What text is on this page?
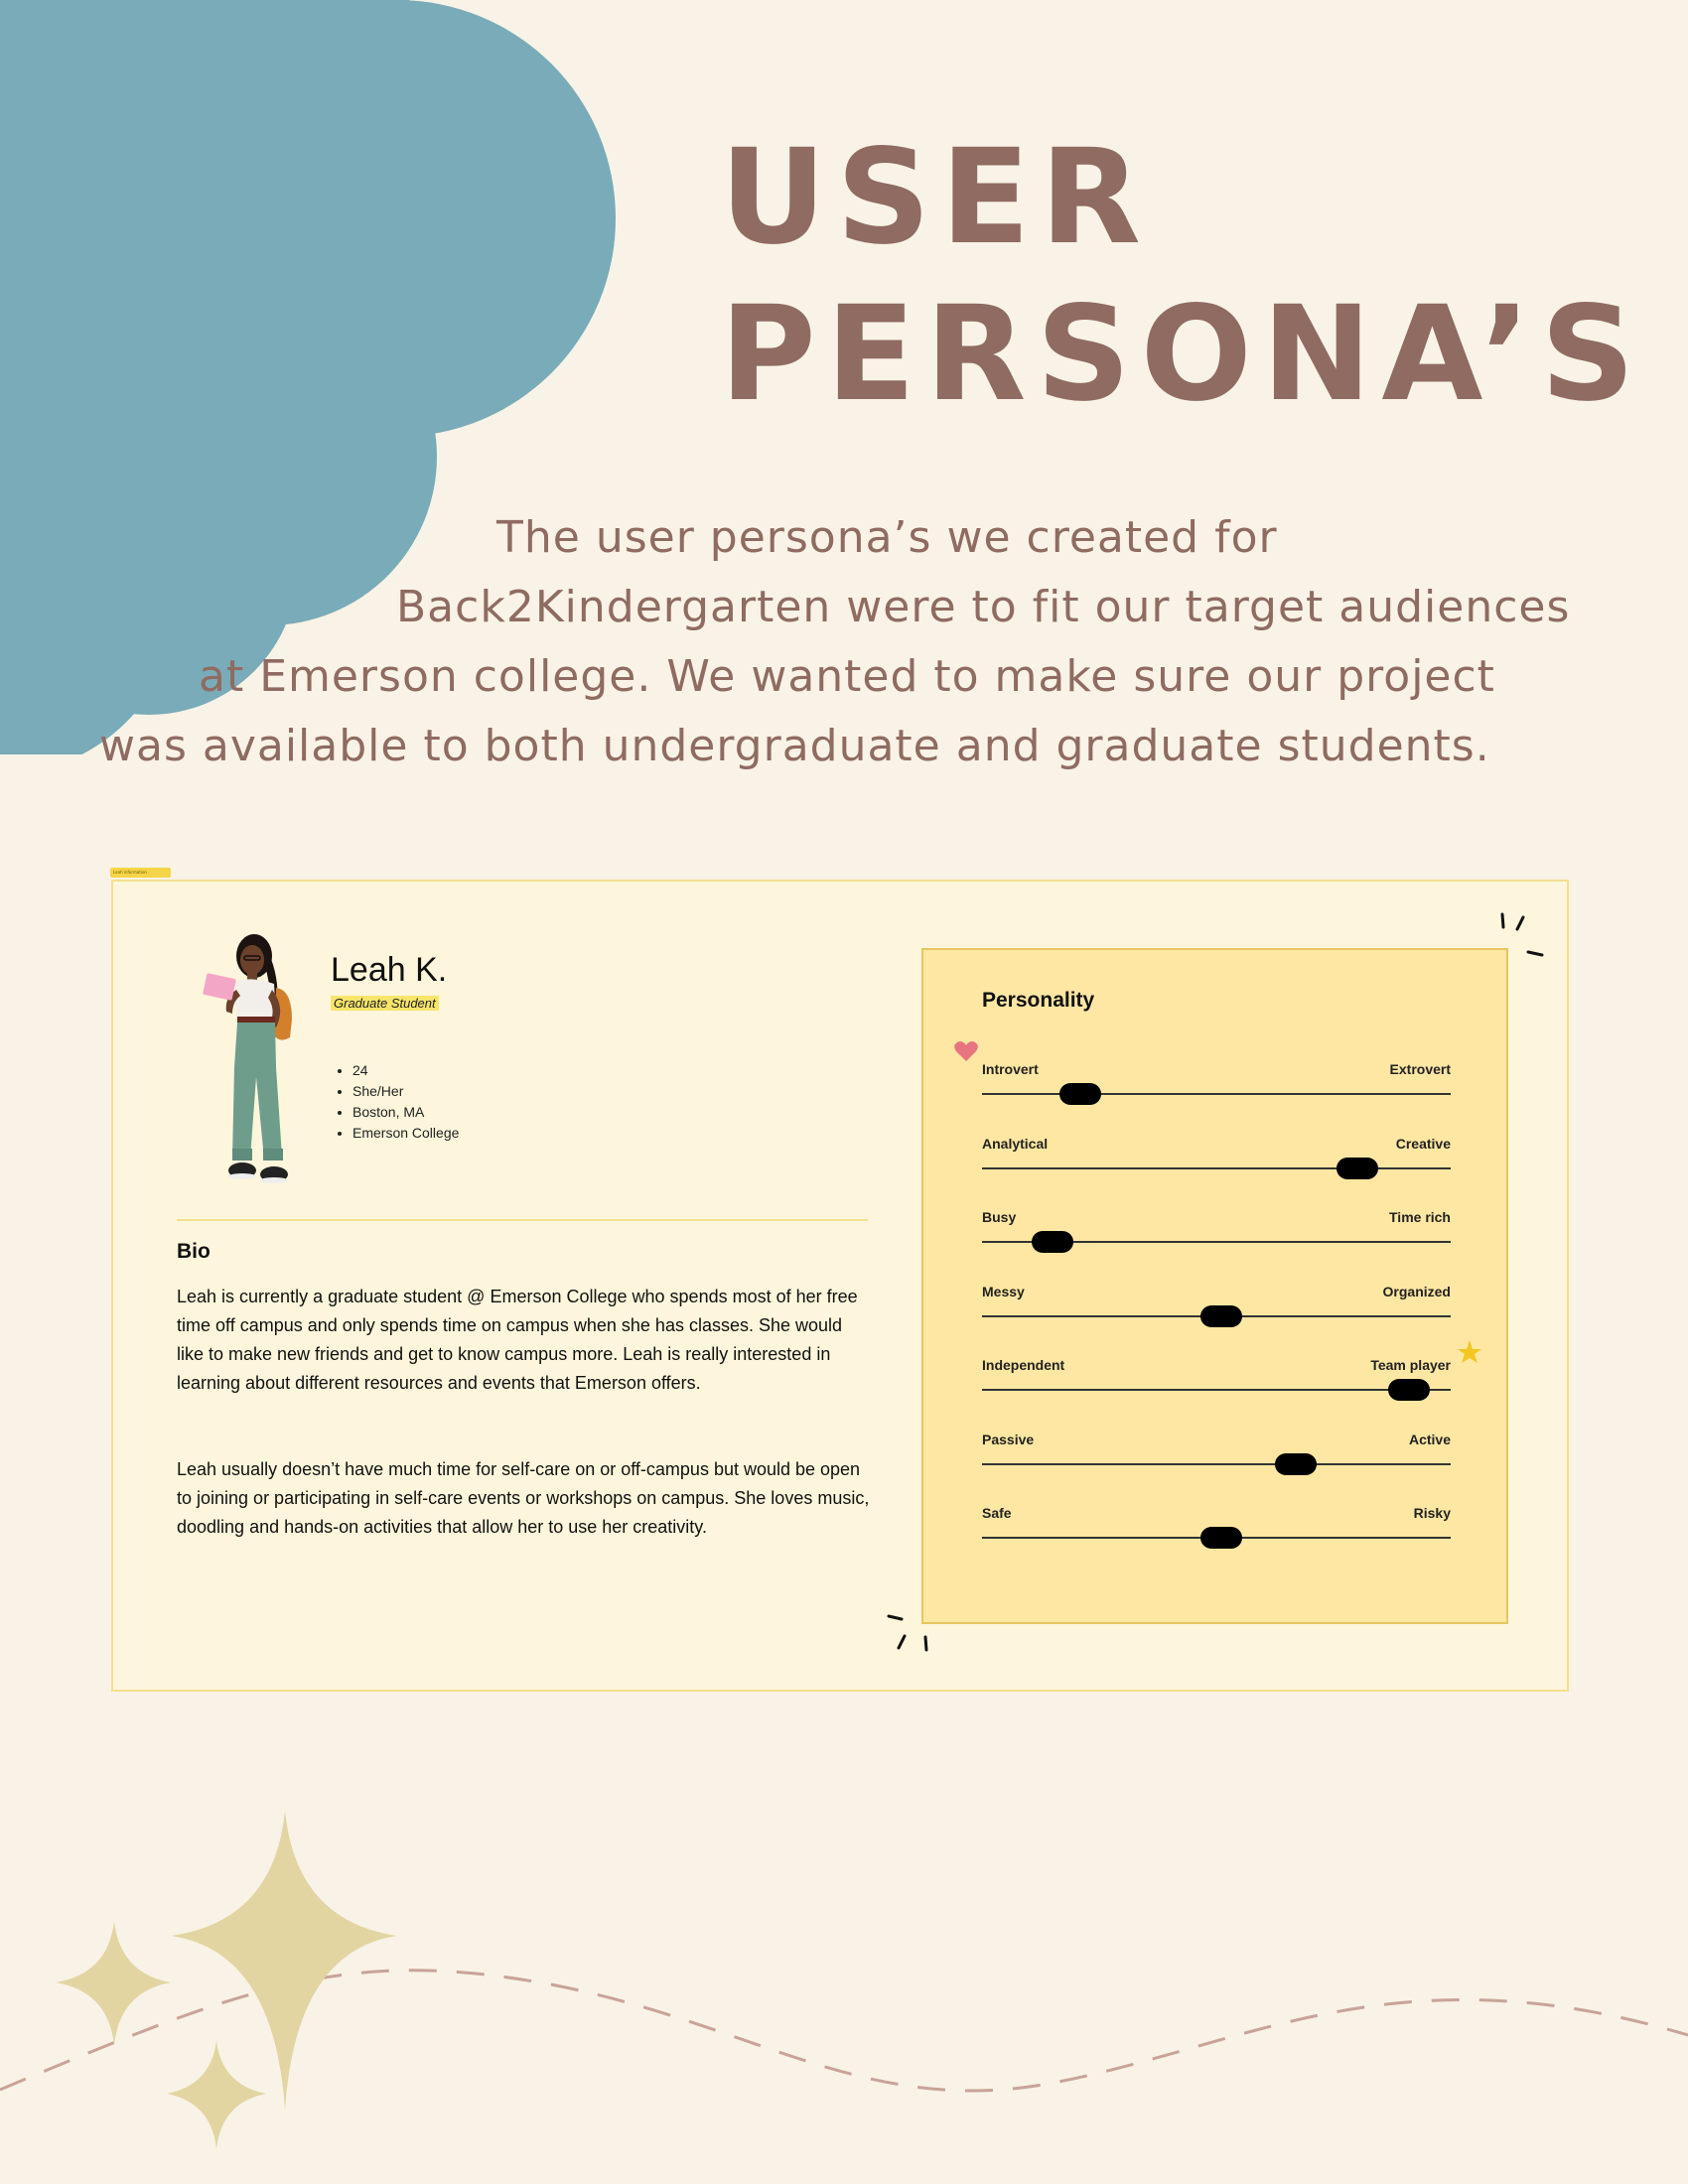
USER
PERSONA’S
The user persona’s we created for
Back2Kindergarten were to fit our target audiences
at Emerson college. We wanted to make sure our project
was available to both undergraduate and graduate students.
Leah information
Leah K.
Graduate Student
• 24
• She/Her
• Boston, MA
• Emerson College
Bio

Leah is currently a graduate student @ Emerson College who spends most of her free time off campus and only spends time on campus when she has classes. She would like to make new friends and get to know campus more. Leah is really interested in learning about different resources and events that Emerson offers.

Leah usually doesn’t have much time for self-care on or off-campus but would be open to joining or participating in self-care events or workshops on campus. She loves music, doodling and hands-on activities that allow her to use her creativity.

Personality
Introvert	Extrovert
Analytical	Creative
Busy	Time rich
Messy	Organized
Independent	Team player
Passive	Active
Safe	Risky
